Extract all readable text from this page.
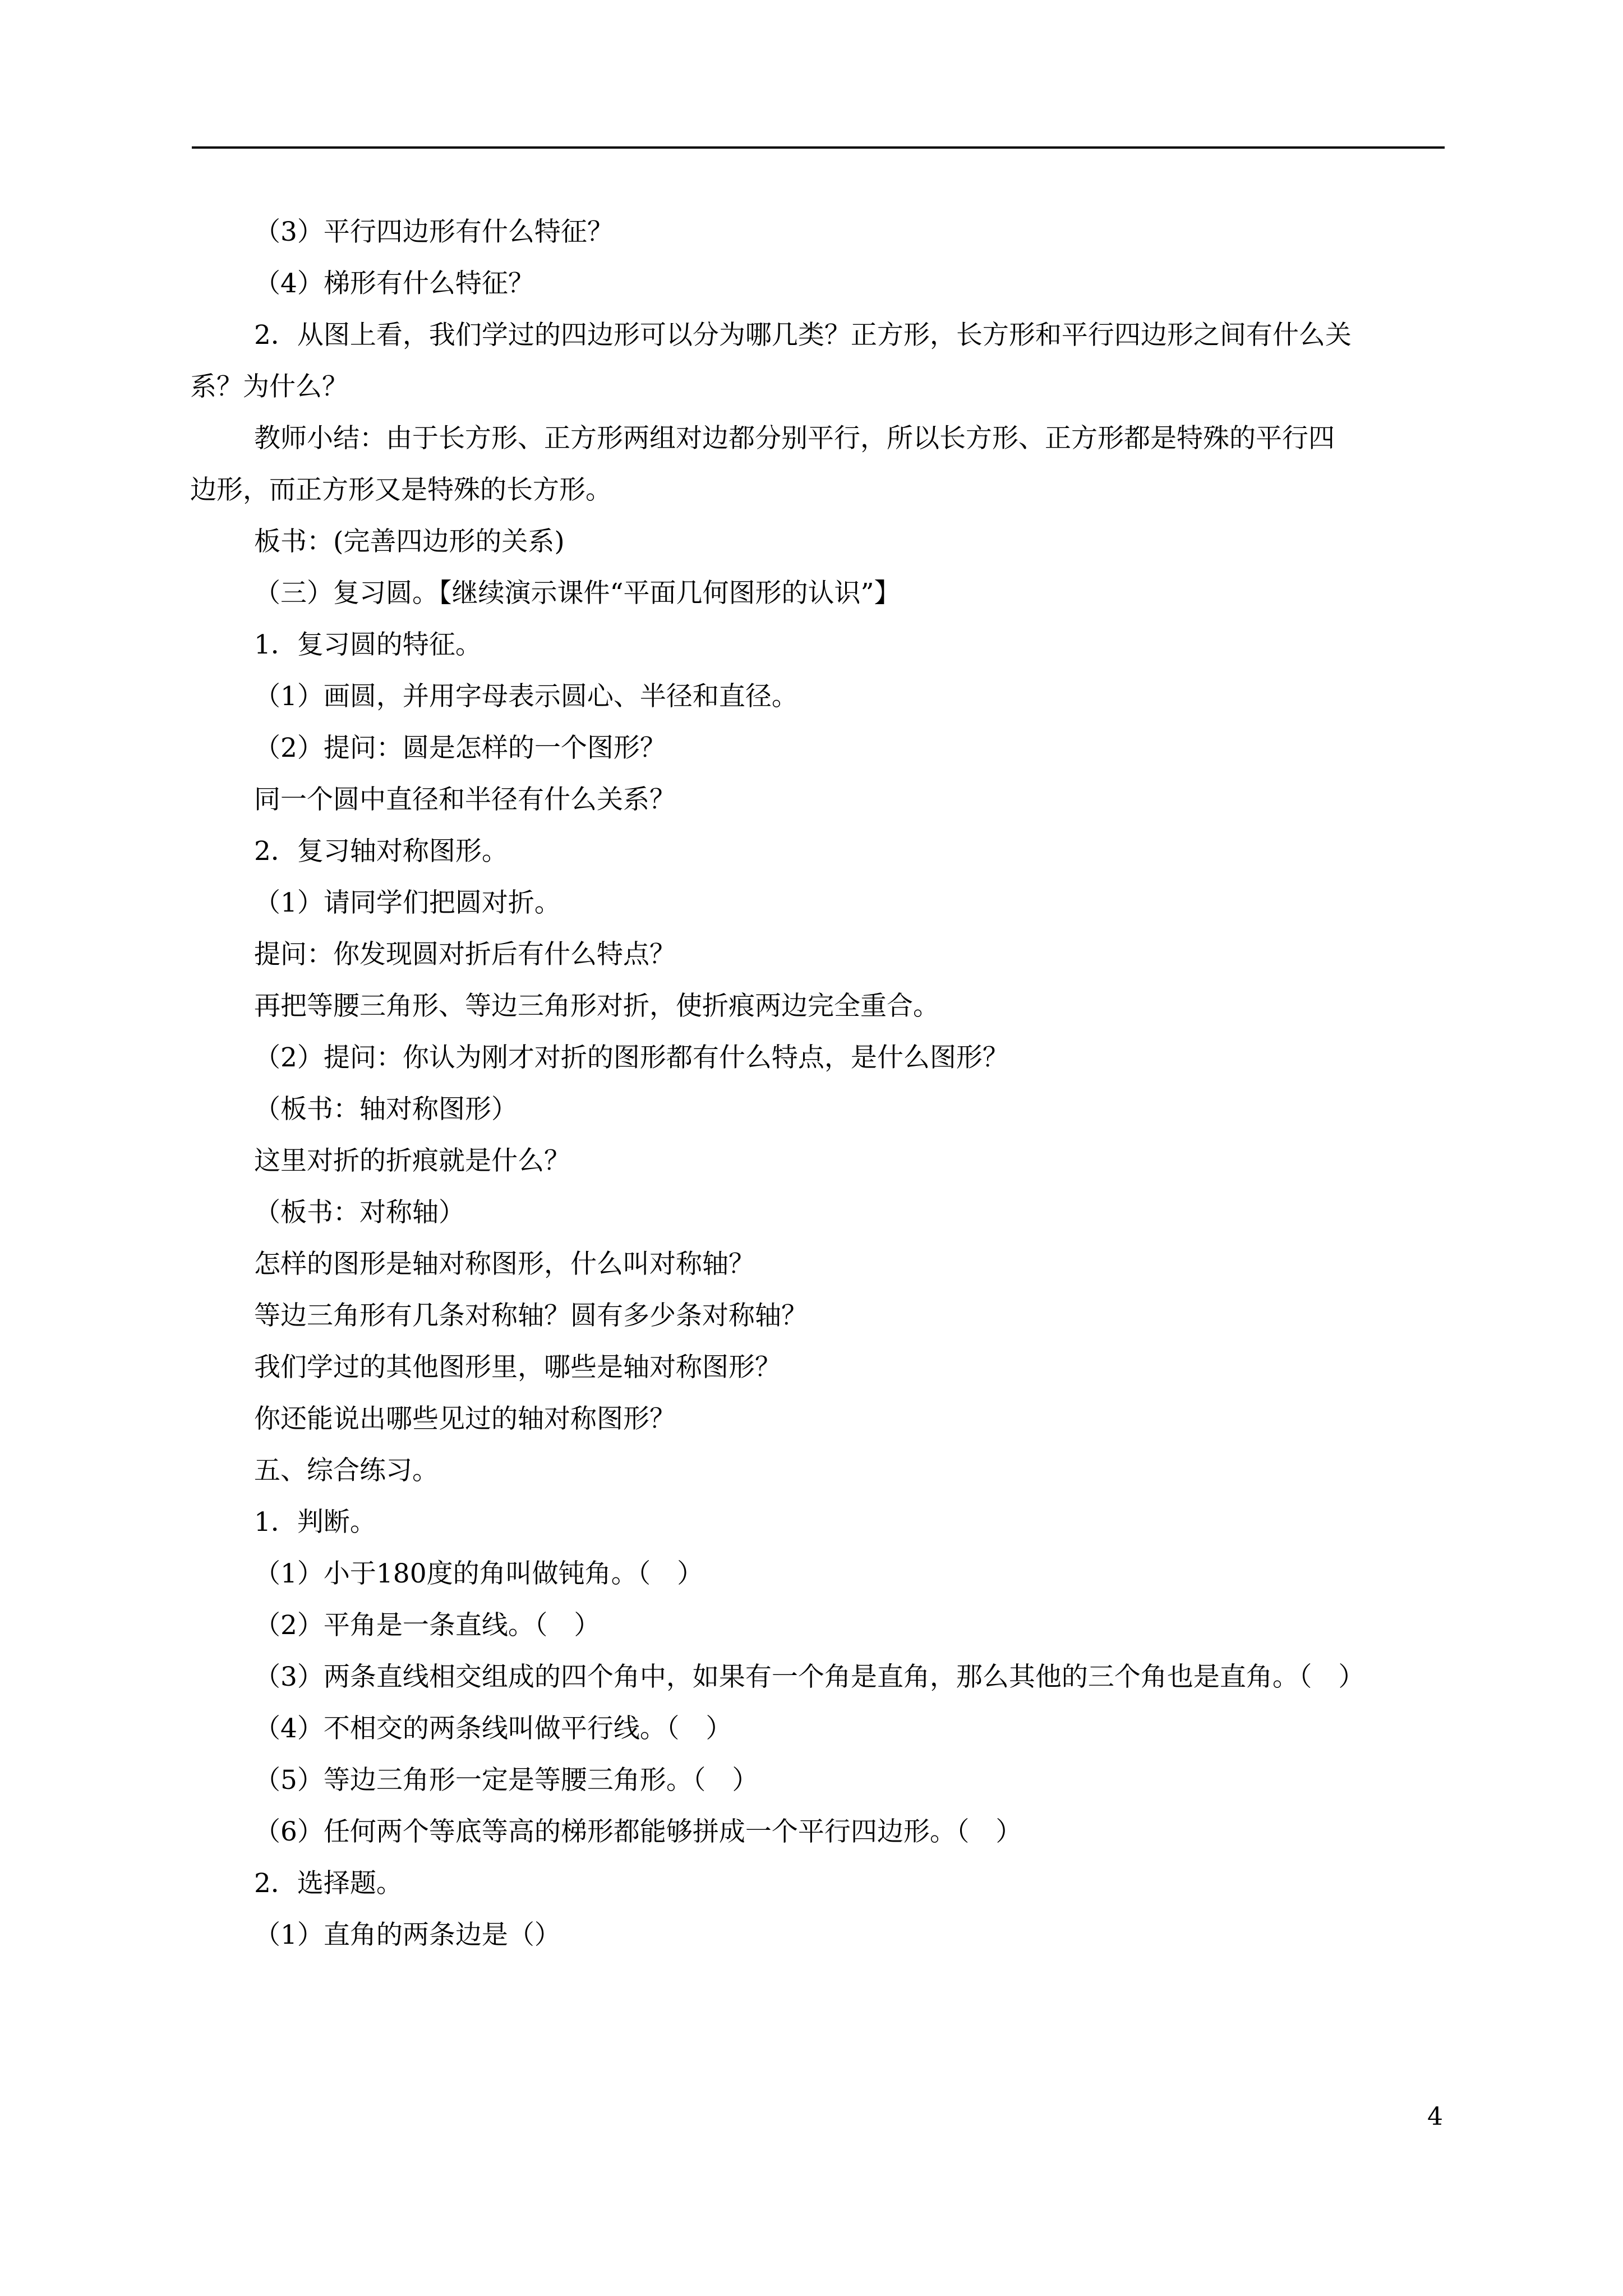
（3）平行四边形有什么特征？
（4）梯形有什么特征？
2．从图上看，我们学过的四边形可以分为哪几类？正方形，长方形和平行四边形之间有什么关
系？为什么？
教师小结：由于长方形、正方形两组对边都分别平行，所以长方形、正方形都是特殊的平行四
边形，而正方形又是特殊的长方形。
板书：(完善四边形的关系)
（三）复习圆。【继续演示课件“平面几何图形的认识”】
1．复习圆的特征。
（1）画圆，并用字母表示圆心、半径和直径。
（2）提问：圆是怎样的一个图形？
同一个圆中直径和半径有什么关系？
2．复习轴对称图形。
（1）请同学们把圆对折。
提问：你发现圆对折后有什么特点？
再把等腰三角形、等边三角形对折，使折痕两边完全重合。
（2）提问：你认为刚才对折的图形都有什么特点，是什么图形？
（板书：轴对称图形）
这里对折的折痕就是什么？
（板书：对称轴）
怎样的图形是轴对称图形，什么叫对称轴？
等边三角形有几条对称轴？圆有多少条对称轴？
我们学过的其他图形里，哪些是轴对称图形？
你还能说出哪些见过的轴对称图形？
五、综合练习。
1．判断。
（1）小于180度的角叫做钝角。（　）
（2）平角是一条直线。（　）
（3）两条直线相交组成的四个角中，如果有一个角是直角，那么其他的三个角也是直角。（　）
（4）不相交的两条线叫做平行线。（　）
（5）等边三角形一定是等腰三角形。（　）
（6）任何两个等底等高的梯形都能够拼成一个平行四边形。（　）
2．选择题。
（1）直角的两条边是（）
4
